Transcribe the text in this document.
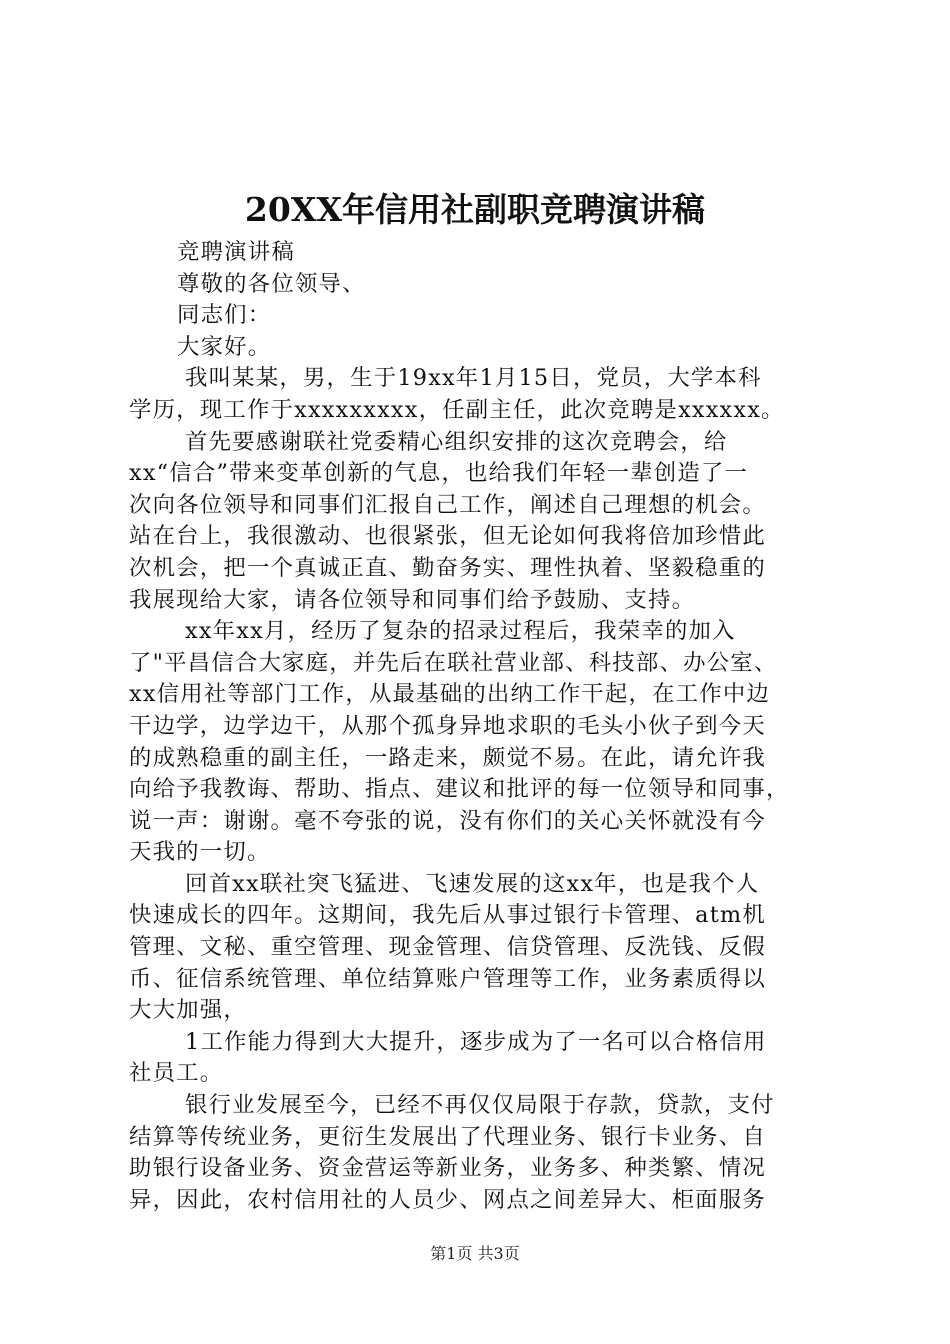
20XX年信用社副职竞聘演讲稿
竞聘演讲稿
尊敬的各位领导、
同志们：
大家好。
我叫某某，男，生于19xx年1月15日，党员，大学本科
学历，现工作于xxxxxxxxx，任副主任，此次竞聘是xxxxxx。
首先要感谢联社党委精心组织安排的这次竞聘会，给
xx“信合”带来变革创新的气息，也给我们年轻一辈创造了一
次向各位领导和同事们汇报自己工作，阐述自己理想的机会。
站在台上，我很激动、也很紧张，但无论如何我将倍加珍惜此
次机会，把一个真诚正直、勤奋务实、理性执着、坚毅稳重的
我展现给大家，请各位领导和同事们给予鼓励、支持。
xx年xx月，经历了复杂的招录过程后，我荣幸的加入
了"平昌信合大家庭，并先后在联社营业部、科技部、办公室、
xx信用社等部门工作，从最基础的出纳工作干起，在工作中边
干边学，边学边干，从那个孤身异地求职的毛头小伙子到今天
的成熟稳重的副主任，一路走来，颇觉不易。在此，请允许我
向给予我教诲、帮助、指点、建议和批评的每一位领导和同事，
说一声：谢谢。毫不夸张的说，没有你们的关心关怀就没有今
天我的一切。
回首xx联社突飞猛进、飞速发展的这xx年，也是我个人
快速成长的四年。这期间，我先后从事过银行卡管理、atm机
管理、文秘、重空管理、现金管理、信贷管理、反洗钱、反假
币、征信系统管理、单位结算账户管理等工作，业务素质得以
大大加强，
1工作能力得到大大提升，逐步成为了一名可以合格信用
社员工。
银行业发展至今，已经不再仅仅局限于存款，贷款，支付
结算等传统业务，更衍生发展出了代理业务、银行卡业务、自
助银行设备业务、资金营运等新业务，业务多、种类繁、情况
异，因此，农村信用社的人员少、网点之间差异大、柜面服务
第1页 共3页
